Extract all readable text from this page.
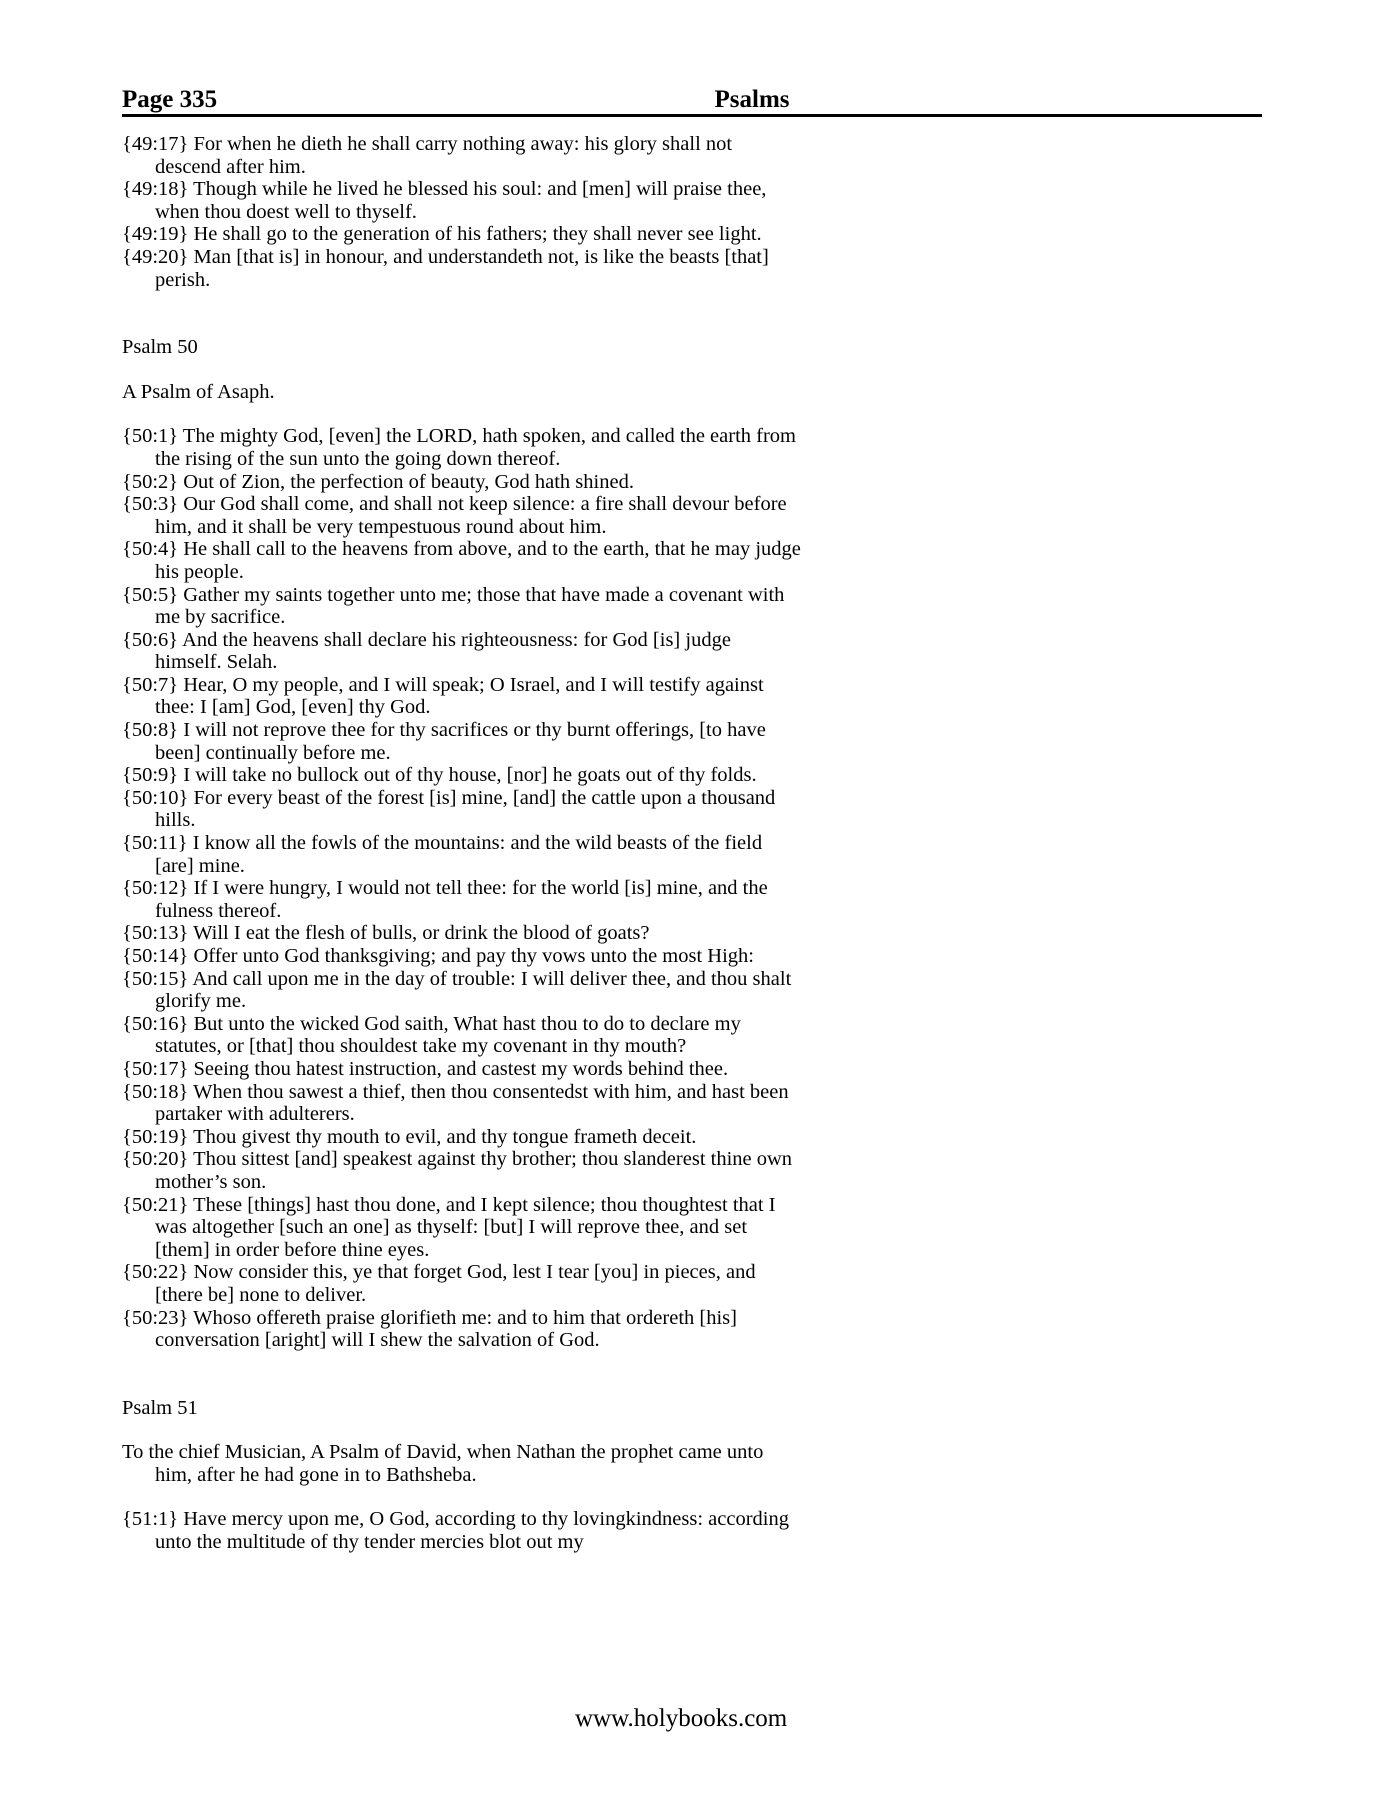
Page 335	Psalms
{49:17} For when he dieth he shall carry nothing away: his glory shall not descend after him.
{49:18} Though while he lived he blessed his soul: and [men] will praise thee, when thou doest well to thyself.
{49:19} He shall go to the generation of his fathers; they shall never see light.
{49:20} Man [that is] in honour, and understandeth not, is like the beasts [that] perish.
Psalm 50
A Psalm of Asaph.
{50:1} The mighty God, [even] the LORD, hath spoken, and called the earth from the rising of the sun unto the going down thereof.
{50:2} Out of Zion, the perfection of beauty, God hath shined.
{50:3} Our God shall come, and shall not keep silence: a fire shall devour before him, and it shall be very tempestuous round about him.
{50:4} He shall call to the heavens from above, and to the earth, that he may judge his people.
{50:5} Gather my saints together unto me; those that have made a covenant with me by sacrifice.
{50:6} And the heavens shall declare his righteousness: for God [is] judge himself. Selah.
{50:7} Hear, O my people, and I will speak; O Israel, and I will testify against thee: I [am] God, [even] thy God.
{50:8} I will not reprove thee for thy sacrifices or thy burnt offerings, [to have been] continually before me.
{50:9} I will take no bullock out of thy house, [nor] he goats out of thy folds.
{50:10} For every beast of the forest [is] mine, [and] the cattle upon a thousand hills.
{50:11} I know all the fowls of the mountains: and the wild beasts of the field [are] mine.
{50:12} If I were hungry, I would not tell thee: for the world [is] mine, and the fulness thereof.
{50:13} Will I eat the flesh of bulls, or drink the blood of goats?
{50:14} Offer unto God thanksgiving; and pay thy vows unto the most High:
{50:15} And call upon me in the day of trouble: I will deliver thee, and thou shalt glorify me.
{50:16} But unto the wicked God saith, What hast thou to do to declare my statutes, or [that] thou shouldest take my covenant in thy mouth?
{50:17} Seeing thou hatest instruction, and castest my words behind thee.
{50:18} When thou sawest a thief, then thou consentedst with him, and hast been partaker with adulterers.
{50:19} Thou givest thy mouth to evil, and thy tongue frameth deceit.
{50:20} Thou sittest [and] speakest against thy brother; thou slanderest thine own mother’s son.
{50:21} These [things] hast thou done, and I kept silence; thou thoughtest that I was altogether [such an one] as thyself: [but] I will reprove thee, and set [them] in order before thine eyes.
{50:22} Now consider this, ye that forget God, lest I tear [you] in pieces, and [there be] none to deliver.
{50:23} Whoso offereth praise glorifieth me: and to him that ordereth [his] conversation [aright] will I shew the salvation of God.
Psalm 51
To the chief Musician, A Psalm of David, when Nathan the prophet came unto him, after he had gone in to Bathsheba.
{51:1} Have mercy upon me, O God, according to thy lovingkindness: according unto the multitude of thy tender mercies blot out my
www.holybooks.com
